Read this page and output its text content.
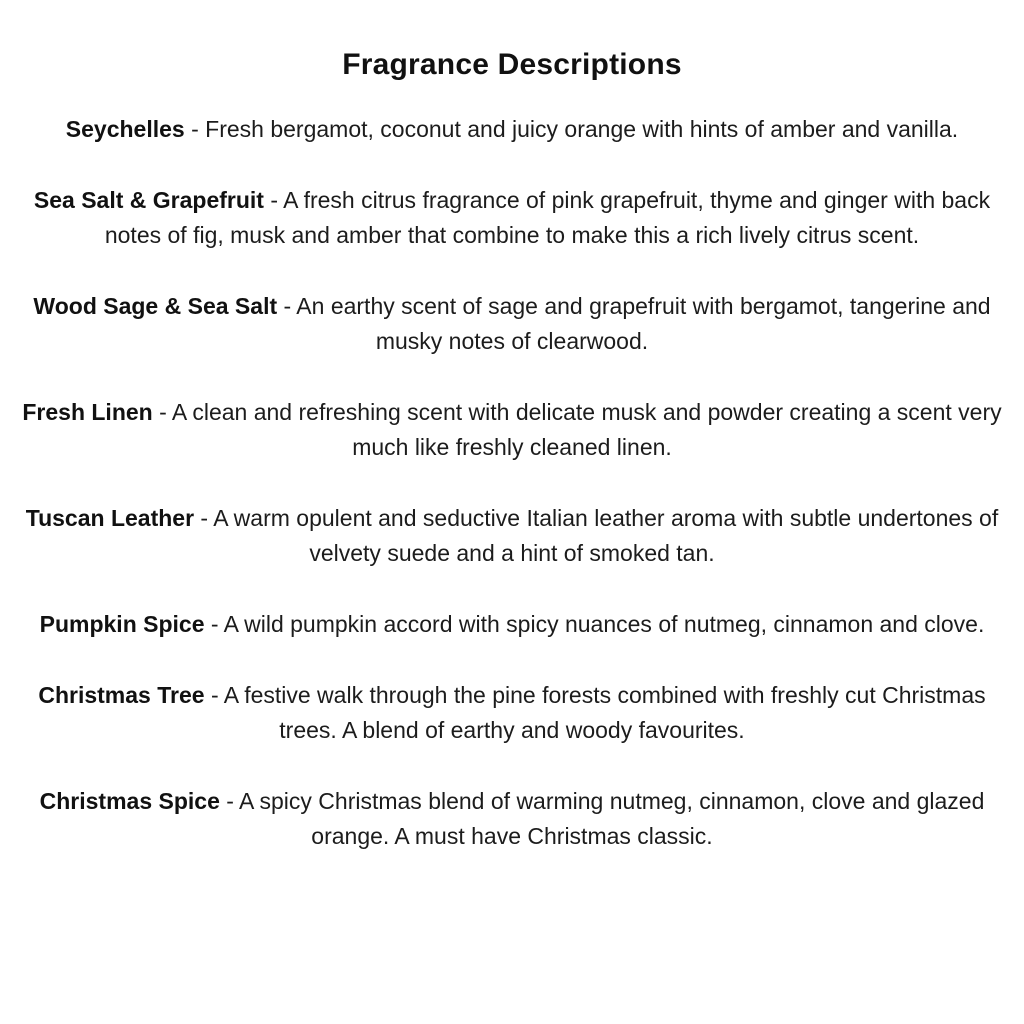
Fragrance Descriptions

Seychelles - Fresh bergamot, coconut and juicy orange with hints of amber and vanilla.

Sea Salt & Grapefruit - A fresh citrus fragrance of pink grapefruit, thyme and ginger with back notes of fig, musk and amber that combine to make this a rich lively citrus scent.

Wood Sage & Sea Salt - An earthy scent of sage and grapefruit with bergamot, tangerine and musky notes of clearwood.

Fresh Linen - A clean and refreshing scent with delicate musk and powder creating a scent very much like freshly cleaned linen.

Tuscan Leather - A warm opulent and seductive Italian leather aroma with subtle undertones of velvety suede and a hint of smoked tan.

Pumpkin Spice - A wild pumpkin accord with spicy nuances of nutmeg, cinnamon and clove.

Christmas Tree - A festive walk through the pine forests combined with freshly cut Christmas trees. A blend of earthy and woody favourites.

Christmas Spice - A spicy Christmas blend of warming nutmeg, cinnamon, clove and glazed orange. A must have Christmas classic.
